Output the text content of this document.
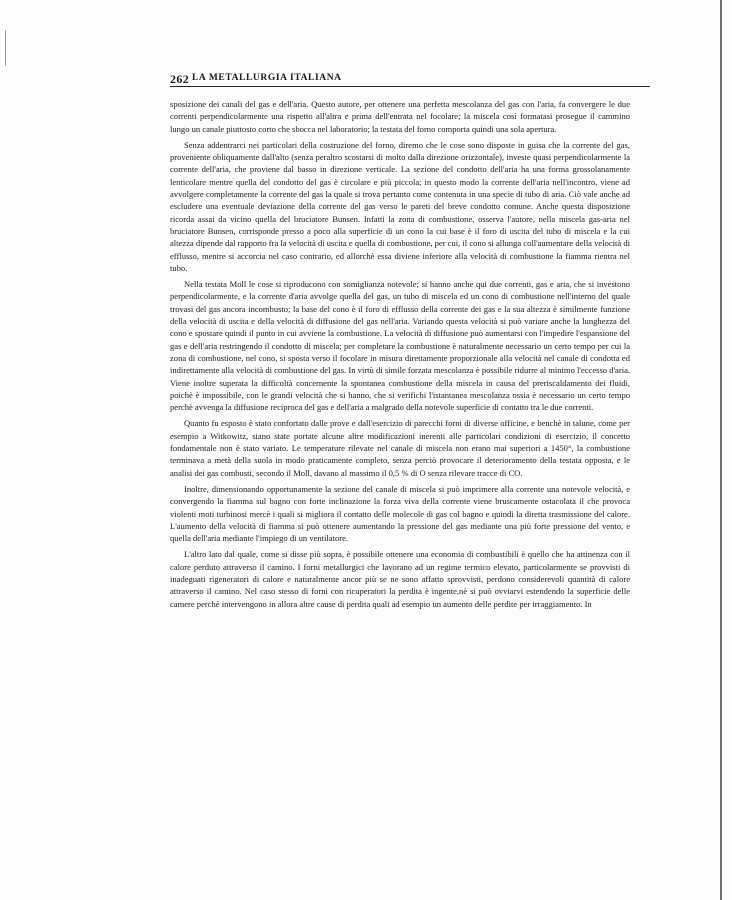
262 LA METALLURGIA ITALIANA

sposizione dei canali del gas e dell'aria. Questo autore, per ottenere una perfetta mescolanza del gas con l'aria, fa convergere le due correnti perpendicolarmente una rispetto all'altra e prima dell'entrata nel focolare; la miscela così formatasi prosegue il cammino lungo un canale piuttosto corto che sbocca nel laboratorio; la testata del forno comporta quindi una sola apertura.

Senza addentrarci nei particolari della costruzione del forno, diremo che le cose sono disposte in guisa che la corrente del gas, proveniente obliquamente dall'alto (senza peraltro scostarsi di molto dalla direzione orizzontale), investe quasi perpendicolarmente la corrente dell'aria, che proviene dal basso in direzione verticale. La sezione del condotto dell'aria ha una forma grossolanamente lenticolare mentre quella del condotto del gas è circolare e più piccola; in questo modo la corrente dell'aria nell'incontro, viene ad avvolgere completamente la corrente del gas la quale si trova pertanto come contenuta in una specie di tubo di aria. Ciò vale anche ad escludere una eventuale deviazione della corrente del gas verso le pareti del breve condotto comune. Anche questa disposizione ricorda assai da vicino quella del bruciatore Bunsen. Infatti la zona di combustione, osserva l'autore, nella miscela gas-aria nel bruciatore Bunsen, corrisponde presso a poco alla superficie di un cono la cui base è il foro di uscita del tubo di miscela e la cui altezza dipende dal rapporto fra la velocità di uscita e quella di combustione, per cui, il cono si allunga coll'aumentare della velocità di efflusso, mentre si accorcia nel caso contrario, ed allorchè essa diviene inferiore alla velocità di combustione la fiamma rientra nel tubo.

Nella testata Moll le cose si riproducono con somiglianza notevole; si hanno anche qui due correnti, gas e aria, che si investono perpendicolarmente, e la corrente d'aria avvolge quella del gas, un tubo di miscela ed un cono di combustione nell'interno del quale trovasi del gas ancora incombusto; la base del cono è il foro di efflusso della corrente dei gas e la sua altezza è similmente funzione della velocità di uscita e della velocità di diffusione del gas nell'aria. Variando questa velocità si può variare anche la lunghezza del cono e spostare quindi il punto in cui avviene la combustione. La velocità di diffusione può aumentarsi con l'impedire l'espansione del gas e dell'aria restringendo il condotto di miscela; per completare la combustione è naturalmente necessario un certo tempo per cui la zona di combustione, nel cono, si sposta verso il focolare in misura direttamente proporzionale alla velocità nel canale di condotta ed indirettamente alla velocità di combustione del gas. In virtù di simile forzata mescolanza è possibile ridurre al minimo l'eccesso d'aria. Viene inoltre superata la difficoltà concernente la spontanea combustione della miscela in causa del preriscaldamento dei fluidi, poichè è impossibile, con le grandi velocità che si hanno, che si verifichi l'istantanea mescolanza ossia è necessario un certo tempo perchè avvenga la diffusione reciproca del gas e dell'aria a malgrado della notevole superficie di contatto tra le due correnti.

Quanto fu esposto è stato confortato dalle prove e dall'esercizio di parecchi forni di diverse officine, e benchè in talune, come per esempio a Witkowitz, siano state portate alcune altre modificazioni inerenti alle particolari condizioni di esercizio, il concetto fondamentale non è stato variato. Le temperature rilevate nel canale di miscela non erano mai superiori a 1450°, la combustione terminava a metà della suola in modo praticamente completo, senza perciò provocare il deterioramento della testata opposta, e le analisi dei gas combusti, secondo il Moll, davano al massimo il 0,5 % di O senza rilevare tracce di CO.

Inoltre, dimensionando opportunamente la sezione del canale di miscela si può imprimere alla corrente una notevole velocità, e convergendo la fiamma sul bagno con forte inclinazione la forza viva della corrente viene bruscamente ostacolata il che provoca violenti moti turbinosi mercè i quali si migliora il contatto delle molecole di gas col bagno e quindi la diretta trasmissione del calore. L'aumento della velocità di fiamma si può ottenere aumentando la pressione del gas mediante una più forte pressione del vento, e quella dell'aria mediante l'impiego di un ventilatore.

L'altro lato dal quale, come si disse più sopra, è possibile ottenere una economia di combustibili è quello che ha attinenza con il calore perduto attraverso il camino. I forni metallurgici che lavorano ad un regime termico elevato, particolarmente se provvisti di inadeguati rigeneratori di calore e naturalmente ancor più se ne sono affatto sprovvisti, perdono considerevoli quantità di calore attraverso il camino. Nel caso stesso di forni con ricuperatori la perdita è ingente,nè si può ovviarvi estendendo la superficie delle camere perchè intervengono in allora altre cause di perdita quali ad esempio un aumento delle perdite per irraggiamento. In
